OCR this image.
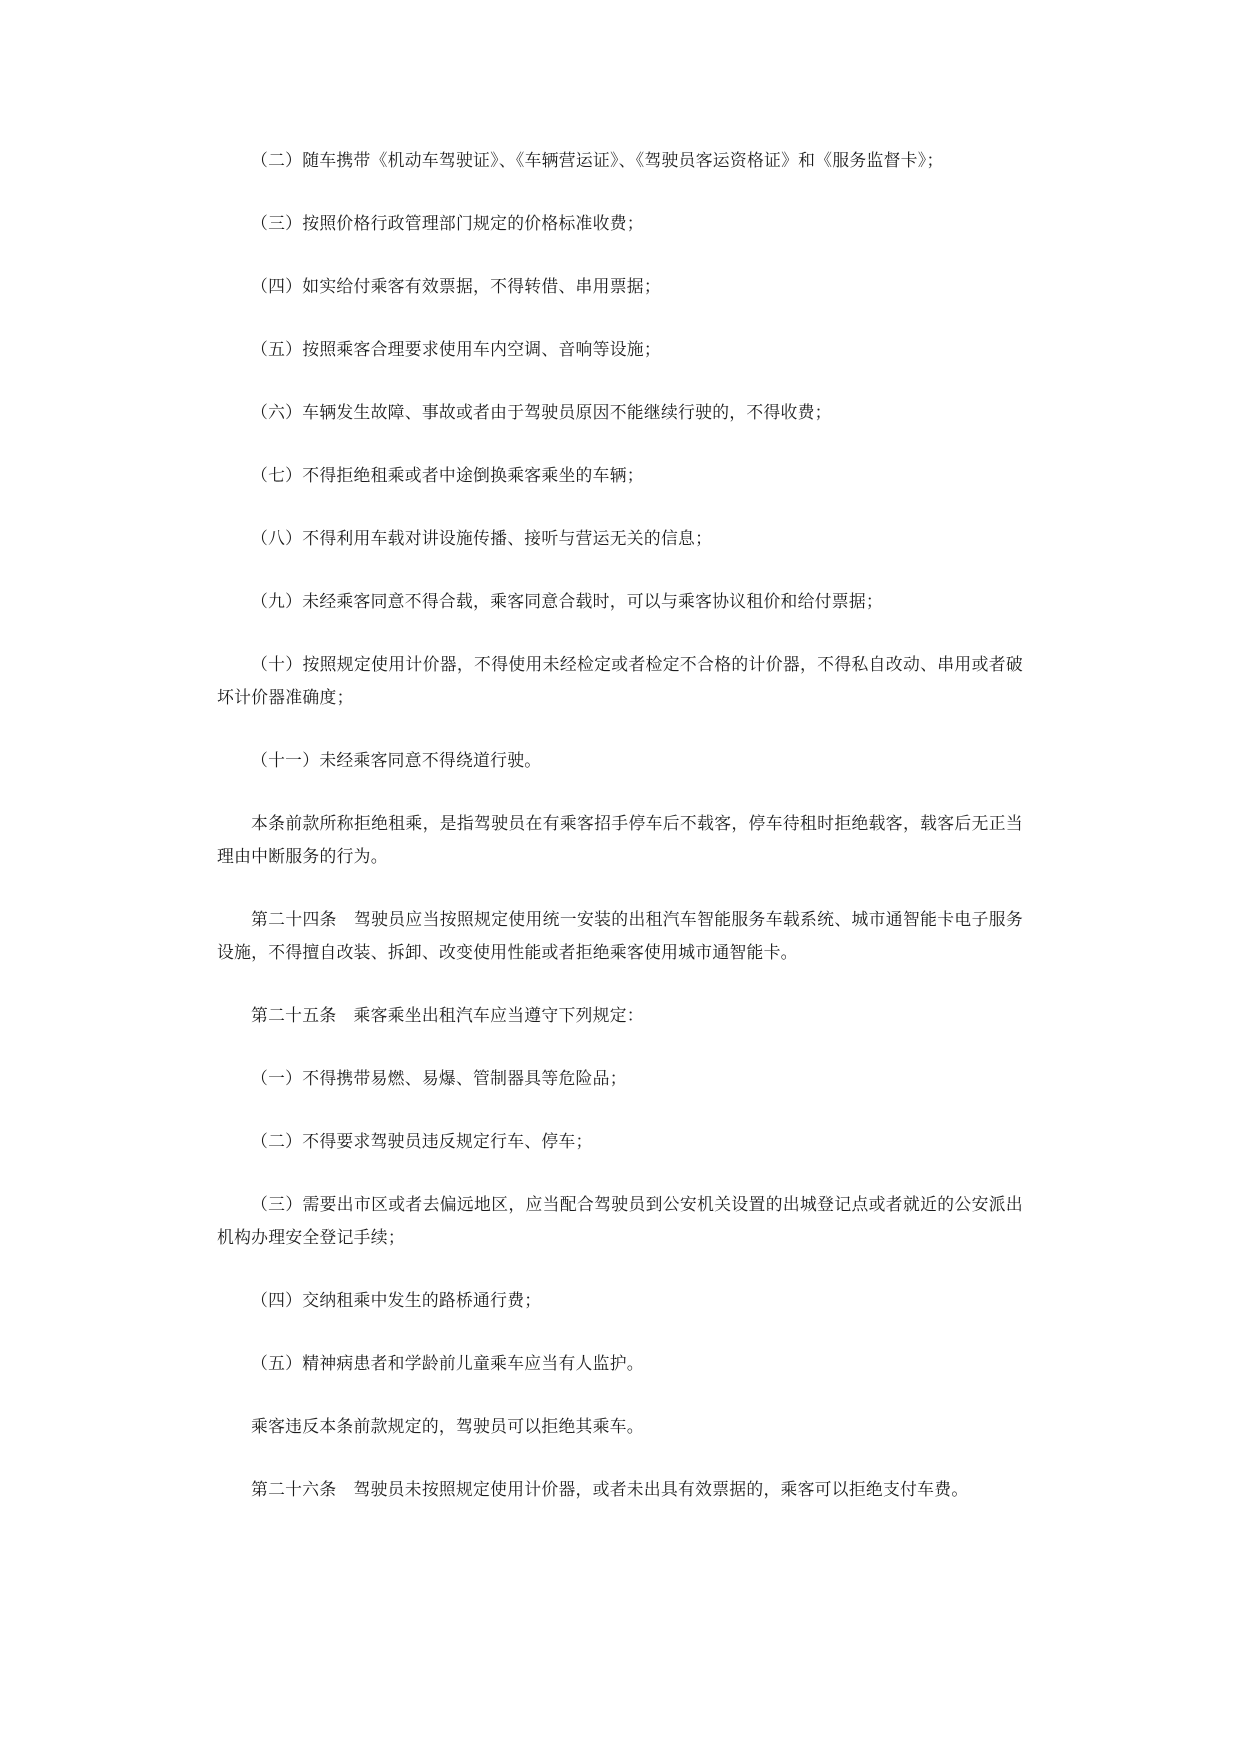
（二）随车携带《机动车驾驶证》、《车辆营运证》、《驾驶员客运资格证》和《服务监督卡》；

（三）按照价格行政管理部门规定的价格标准收费；

（四）如实给付乘客有效票据，不得转借、串用票据；

（五）按照乘客合理要求使用车内空调、音响等设施；

（六）车辆发生故障、事故或者由于驾驶员原因不能继续行驶的，不得收费；

（七）不得拒绝租乘或者中途倒换乘客乘坐的车辆；

（八）不得利用车载对讲设施传播、接听与营运无关的信息；

（九）未经乘客同意不得合载，乘客同意合载时，可以与乘客协议租价和给付票据；

（十）按照规定使用计价器，不得使用未经检定或者检定不合格的计价器，不得私自改动、串用或者破坏计价器准确度；

（十一）未经乘客同意不得绕道行驶。

本条前款所称拒绝租乘，是指驾驶员在有乘客招手停车后不载客，停车待租时拒绝载客，载客后无正当理由中断服务的行为。

第二十四条　驾驶员应当按照规定使用统一安装的出租汽车智能服务车载系统、城市通智能卡电子服务设施，不得擅自改装、拆卸、改变使用性能或者拒绝乘客使用城市通智能卡。

第二十五条　乘客乘坐出租汽车应当遵守下列规定：

（一）不得携带易燃、易爆、管制器具等危险品；

（二）不得要求驾驶员违反规定行车、停车；

（三）需要出市区或者去偏远地区，应当配合驾驶员到公安机关设置的出城登记点或者就近的公安派出机构办理安全登记手续；

（四）交纳租乘中发生的路桥通行费；

（五）精神病患者和学龄前儿童乘车应当有人监护。

乘客违反本条前款规定的，驾驶员可以拒绝其乘车。

第二十六条　驾驶员未按照规定使用计价器，或者未出具有效票据的，乘客可以拒绝支付车费。
